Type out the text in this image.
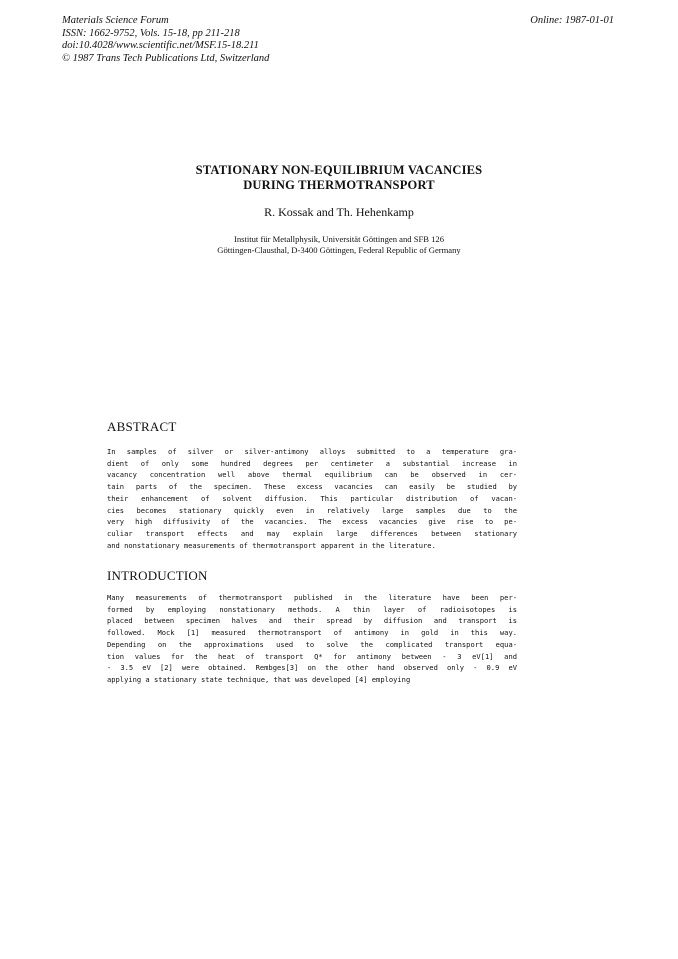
Materials Science Forum
ISSN: 1662-9752, Vols. 15-18, pp 211-218
doi:10.4028/www.scientific.net/MSF.15-18.211
© 1987 Trans Tech Publications Ltd, Switzerland
Online: 1987-01-01
STATIONARY NON-EQUILIBRIUM VACANCIES
DURING THERMOTRANSPORT
R. Kossak and Th. Hehenkamp
Institut für Metallphysik, Universität Göttingen and SFB 126
Göttingen-Clausthal, D-3400 Göttingen, Federal Republic of Germany
ABSTRACT
In samples of silver or silver-antimony alloys submitted to a temperature gra-
dient of only some hundred degrees per centimeter a substantial increase in
vacancy concentration well above thermal equilibrium can be observed in cer-
tain parts of the specimen. These excess vacancies can easily be studied by
their enhancement of solvent diffusion. This particular distribution of vacan-
cies becomes stationary quickly even in relatively large samples due to the
very high diffusivity of the vacancies. The excess vacancies give rise to pe-
culiar transport effects and may explain large differences between stationary
and nonstationary measurements of thermotransport apparent in the literature.
INTRODUCTION
Many measurements of thermotransport published in the literature have been per-
formed by employing nonstationary methods. A thin layer of radioisotopes is
placed between specimen halves and their spread by diffusion and transport is
followed. Mock [1] measured thermotransport of antimony in gold in this way.
Depending on the approximations used to solve the complicated transport equa-
tion values for the heat of transport Q* for antimony between - 3 eV[1] and
- 3.5 eV [2] were obtained. Rembges[3] on the other hand observed only - 0.9 eV
applying a stationary state technique, that was developed [4] employing
